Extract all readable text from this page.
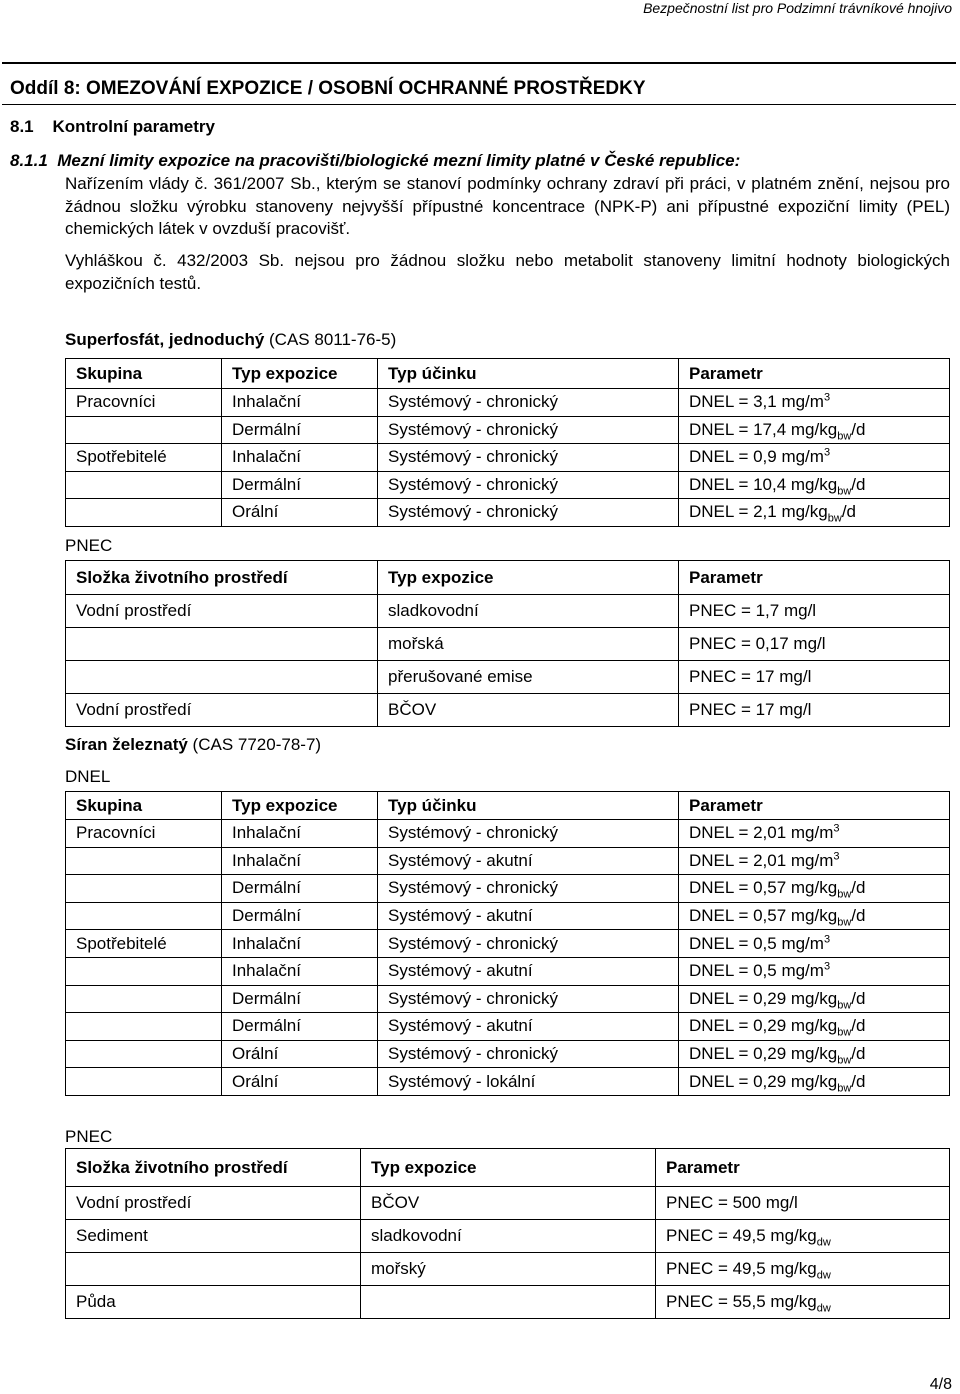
Bezpečnostní list pro Podzimní trávníkové hnojivo
Oddíl 8: OMEZOVÁNÍ EXPOZICE / OSOBNÍ OCHRANNÉ PROSTŘEDKY
8.1    Kontrolní parametry
8.1.1  Mezní limity expozice na pracovišti/biologické mezní limity platné v České republice:
Nařízením vlády č. 361/2007 Sb., kterým se stanoví podmínky ochrany zdraví při práci, v platném znění, nejsou pro žádnou složku výrobku stanoveny nejvyšší přípustné koncentrace (NPK-P) ani přípustné expoziční limity (PEL) chemických látek v ovzduší pracovišť.
Vyhláškou č. 432/2003 Sb. nejsou pro žádnou složku nebo metabolit stanoveny limitní hodnoty biologických expozičních testů.
Superfosfát, jednoduchý (CAS 8011-76-5)
Skupina	Typ expozice	Typ účinku	Parametr
Pracovníci	Inhalační	Systémový - chronický	DNEL = 3,1 $mg/m^3$
	Dermální	Systémový - chronický	DNEL = 17,4 $mg/kg_{bw}/d$
Spotřebitelé	Inhalační	Systémový - chronický	DNEL = 0,9 $mg/m^3$
	Dermální	Systémový - chronický	DNEL = 10,4 $mg/kg_{bw}/d$
	Orální	Systémový - chronický	DNEL = 2,1 $mg/kg_{bw}/d$
PNEC
Složka životního prostředí	Typ expozice	Parametr
Vodní prostředí	sladkovodní	PNEC = 1,7 mg/l
	mořská	PNEC = 0,17 mg/l
	přerušované emise	PNEC = 17 mg/l
Vodní prostředí	BČOV	PNEC = 17 mg/l
Síran železnatý (CAS 7720-78-7)
DNEL
Skupina	Typ expozice	Typ účinku	Parametr
Pracovníci	Inhalační	Systémový - chronický	DNEL = 2,01 $mg/m^3$
	Inhalační	Systémový - akutní	DNEL = 2,01 $mg/m^3$
	Dermální	Systémový - chronický	DNEL = 0,57 $mg/kg_{bw}/d$
	Dermální	Systémový - akutní	DNEL = 0,57 $mg/kg_{bw}/d$
Spotřebitelé	Inhalační	Systémový - chronický	DNEL = 0,5 $mg/m^3$
	Inhalační	Systémový - akutní	DNEL = 0,5 $mg/m^3$
	Dermální	Systémový - chronický	DNEL = 0,29 $mg/kg_{bw}/d$
	Dermální	Systémový - akutní	DNEL = 0,29 $mg/kg_{bw}/d$
	Orální	Systémový - chronický	DNEL = 0,29 $mg/kg_{bw}/d$
	Orální	Systémový - lokální	DNEL = 0,29 $mg/kg_{bw}/d$
PNEC
Složka životního prostředí	Typ expozice	Parametr
Vodní prostředí	BČOV	PNEC = 500 mg/l
Sediment	sladkovodní	PNEC = 49,5 $mg/kg_{dw}$
	mořský	PNEC = 49,5 $mg/kg_{dw}$
Půda		PNEC = 55,5 $mg/kg_{dw}$
4/8
